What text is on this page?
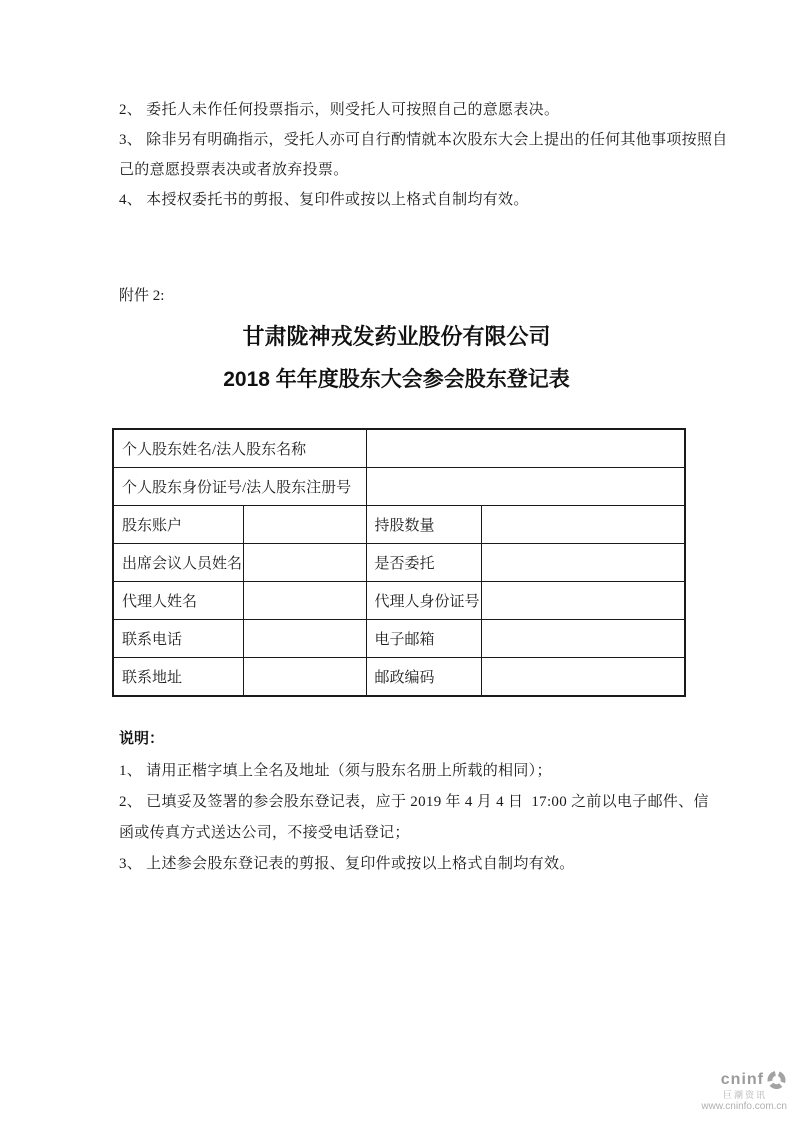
2、 委托人未作任何投票指示，则受托人可按照自己的意愿表决。
3、 除非另有明确指示，受托人亦可自行酌情就本次股东大会上提出的任何其他事项按照自
己的意愿投票表决或者放弃投票。
4、 本授权委托书的剪报、复印件或按以上格式自制均有效。
附件 2:
甘肃陇神戎发药业股份有限公司
2018 年年度股东大会参会股东登记表
个人股东姓名/法人股东名称			
个人股东身份证号/法人股东注册号			
股东账户		持股数量	
出席会议人员姓名		是否委托	
代理人姓名		代理人身份证号	
联系电话		电子邮箱	
联系地址		邮政编码	
说明：
1、 请用正楷字填上全名及地址（须与股东名册上所载的相同）；
2、 已填妥及签署的参会股东登记表，应于 2019 年 4 月 4 日  17:00 之前以电子邮件、信
函或传真方式送达公司，不接受电话登记；
3、 上述参会股东登记表的剪报、复印件或按以上格式自制均有效。
cninf
巨潮资讯
www.cninfo.com.cn
